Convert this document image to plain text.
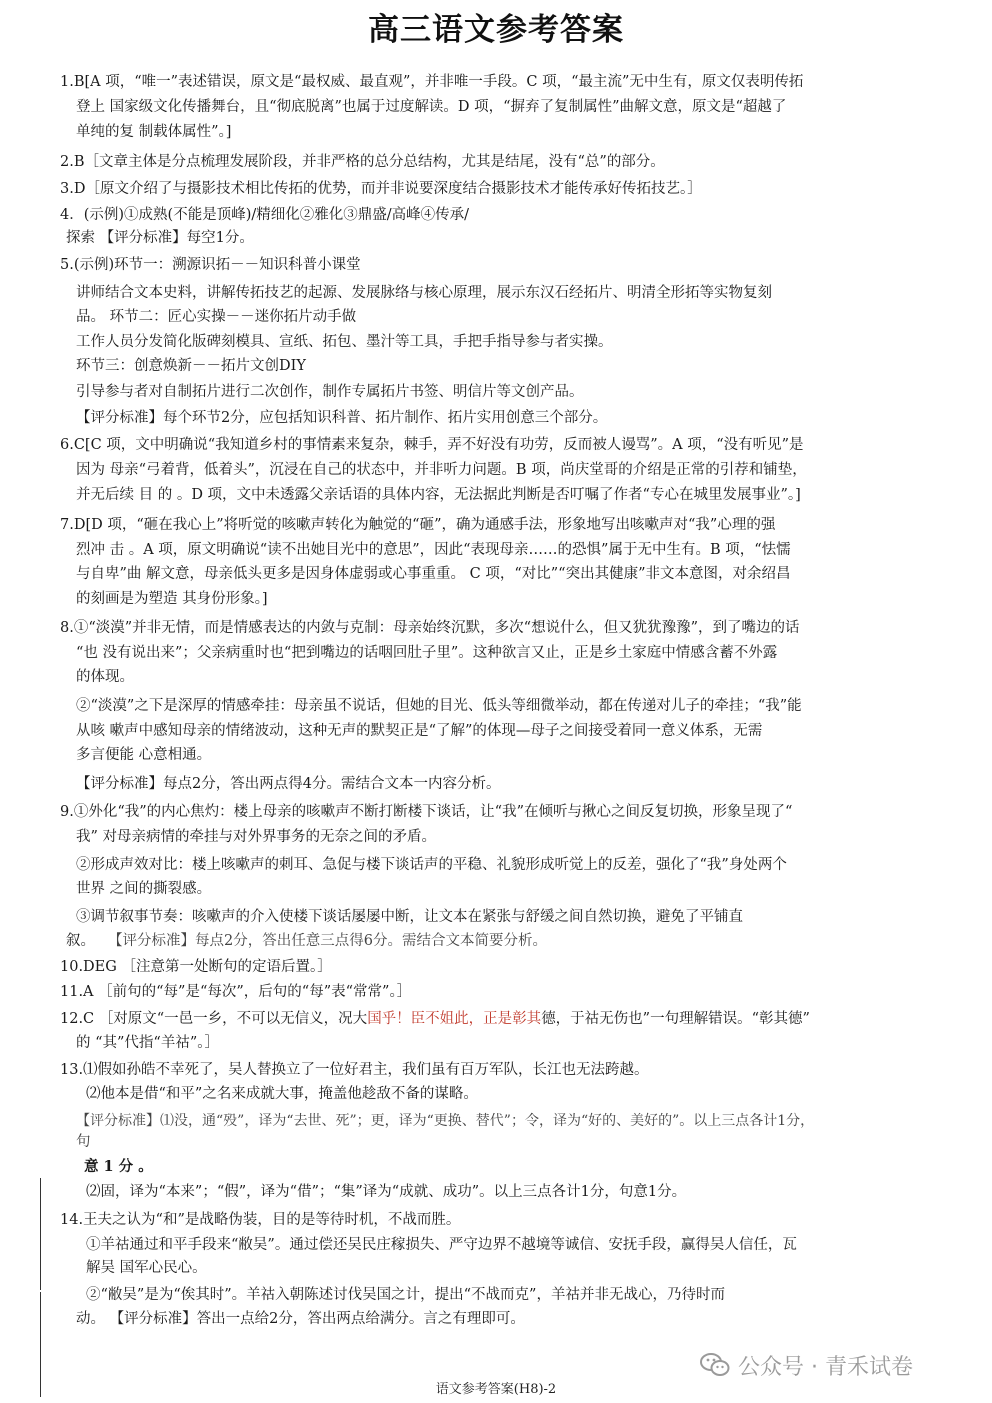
高三语文参考答案
1.B[A 项，“唯一”表述错误，原文是“最权威、最直观”，并非唯一手段。C 项，“最主流”无中生有，原文仅表明传拓
登上 国家级文化传播舞台，且“彻底脱离”也属于过度解读。D 项，“摒弃了复制属性”曲解文意，原文是“超越了
单纯的复 制载体属性”。]
2.B［文章主体是分点梳理发展阶段，并非严格的总分总结构，尤其是结尾，没有“总”的部分。
3.D［原文介绍了与摄影技术相比传拓的优势，而并非说要深度结合摄影技术才能传承好传拓技艺。］
4．(示例)①成熟(不能是顶峰)/精细化②雅化③鼎盛/高峰④传承/
探索 【评分标准】每空1分。
5.(示例)环节一：溯源识拓－－知识科普小课堂
讲师结合文本史料，讲解传拓技艺的起源、发展脉络与核心原理，展示东汉石经拓片、明清全形拓等实物复刻
品。 环节二：匠心实操－－迷你拓片动手做
工作人员分发简化版碑刻模具、宣纸、拓包、墨汁等工具，手把手指导参与者实操。
环节三：创意焕新－－拓片文创DIY
引导参与者对自制拓片进行二次创作，制作专属拓片书签、明信片等文创产品。
【评分标准】每个环节2分，应包括知识科普、拓片制作、拓片实用创意三个部分。
6.C[C 项，文中明确说“我知道乡村的事情素来复杂，棘手，弄不好没有功劳，反而被人谩骂”。A 项，“没有听见”是
因为 母亲“弓着背，低着头”，沉浸在自己的状态中，并非听力问题。B 项，尚庆堂哥的介绍是正常的引荐和铺垫，
并无后续 目 的 。D 项，文中未透露父亲话语的具体内容，无法据此判断是否叮嘱了作者“专心在城里发展事业”。]
7.D[D 项，“砸在我心上”将听觉的咳嗽声转化为触觉的“砸”，确为通感手法，形象地写出咳嗽声对“我”心理的强
烈冲 击 。A 项，原文明确说“读不出她目光中的意思”，因此“表现母亲……的恐惧”属于无中生有。B 项，“怯懦
与自卑”曲 解文意，母亲低头更多是因身体虚弱或心事重重。 C 项，“对比”“突出其健康”非文本意图，对余绍昌
的刻画是为塑造 其身份形象。]
8.①“淡漠”并非无情，而是情感表达的内敛与克制：母亲始终沉默，多次“想说什么，但又犹犹豫豫”，到了嘴边的话
“也 没有说出来”；父亲病重时也“把到嘴边的话咽回肚子里”。这种欲言又止，正是乡土家庭中情感含蓄不外露
的体现。
②“淡漠”之下是深厚的情感牵挂：母亲虽不说话，但她的目光、低头等细微举动，都在传递对儿子的牵挂；“我”能
从咳 嗽声中感知母亲的情绪波动，这种无声的默契正是“了解”的体现—母子之间接受着同一意义体系，无需
多言便能 心意相通。
【评分标准】每点2分，答出两点得4分。需结合文本一内容分析。
9.①外化“我”的内心焦灼：楼上母亲的咳嗽声不断打断楼下谈话，让“我”在倾听与揪心之间反复切换，形象呈现了“
我” 对母亲病情的牵挂与对外界事务的无奈之间的矛盾。
②形成声效对比：楼上咳嗽声的刺耳、急促与楼下谈话声的平稳、礼貌形成听觉上的反差，强化了“我”身处两个
世界 之间的撕裂感。
③调节叙事节奏：咳嗽声的介入使楼下谈话屡屡中断，让文本在紧张与舒缓之间自然切换，避免了平铺直
叙。 【评分标准】每点2分，答出任意三点得6分。需结合文本简要分析。
10.DEG ［注意第一处断句的定语后置。］
11.A ［前句的“每”是“每次”，后句的“每”表“常常”。］
12.C ［对原文“一邑一乡，不可以无信义，况大国乎！臣不姐此，正是彰其德，于祜无伤也”一句理解错误。“彰其德”
的 “其”代指“羊祜”。］
13.⑴假如孙皓不幸死了，吴人替换立了一位好君主，我们虽有百万军队，长江也无法跨越。
⑵他本是借“和平”之名来成就大事，掩盖他趁敌不备的谋略。
【评分标准】⑴没，通“殁”，译为“去世、死”；更，译为“更换、替代”；令，译为“好的、美好的”。以上三点各计1分，
句
意 1 分 。
⑵固，译为“本来”；“假”，译为“借”；“集”译为“成就、成功”。以上三点各计1分，句意1分。
14.王夫之认为“和”是战略伪装，目的是等待时机，不战而胜。
①羊祜通过和平手段来“敝吴”。通过偿还吴民庄稼损失、严守边界不越境等诚信、安抚手段，赢得吴人信任，瓦
解吴 国军心民心。
②“敝吴”是为“俟其时”。羊祜入朝陈述讨伐吴国之计，提出“不战而克”，羊祜并非无战心，乃待时而
动。 【评分标准】答出一点给2分，答出两点给满分。言之有理即可。
公众号 · 青禾试卷
语文参考答案(H8)-2
